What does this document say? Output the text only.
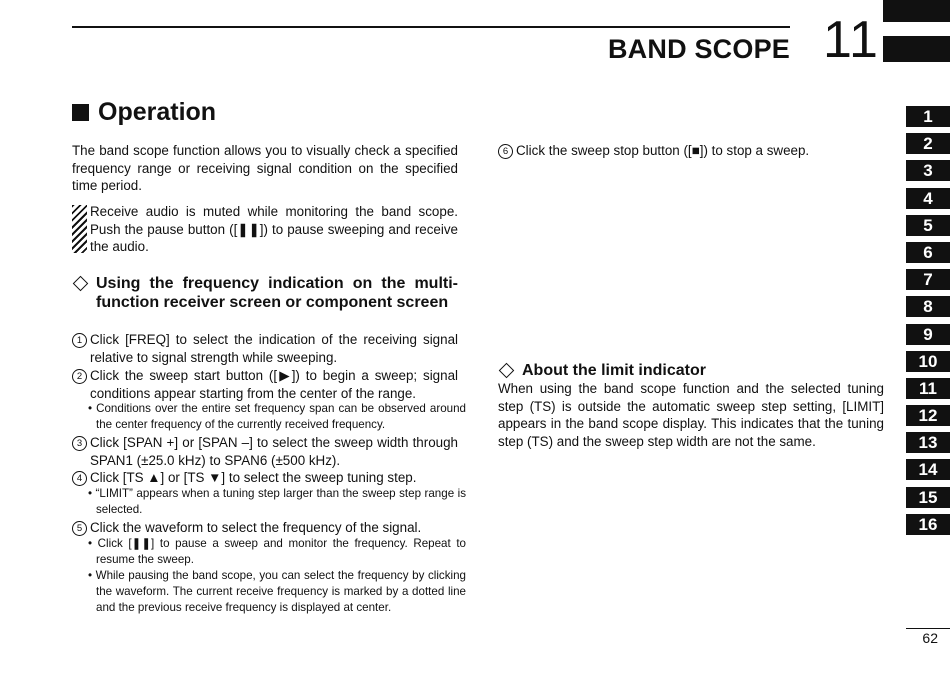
BAND SCOPE 11
1
2
3
4
5
6
7
8
9
10
11
12
13
14
15
16
Operation
The band scope function allows you to visually check a specified frequency range or receiving signal condition on the specified time period.
Receive audio is muted while monitoring the band scope. Push the pause button ([❚❚]) to pause sweeping and receive the audio.
Using the frequency indication on the multi-function receiver screen or component screen
1 Click [FREQ] to select the indication of the receiving signal relative to signal strength while sweeping.
2 Click the sweep start button ([▶]) to begin a sweep; signal conditions appear starting from the center of the range.
• Conditions over the entire set frequency span can be observed around the center frequency of the currently received frequency.
3 Click [SPAN +] or [SPAN –] to select the sweep width through SPAN1 (±25.0 kHz) to SPAN6 (±500 kHz).
4 Click [TS ▲] or [TS ▼] to select the sweep tuning step.
• “LIMIT” appears when a tuning step larger than the sweep step range is selected.
5 Click the waveform to select the frequency of the signal.
• Click [❚❚] to pause a sweep and monitor the frequency. Repeat to resume the sweep.
• While pausing the band scope, you can select the frequency by clicking the waveform. The current receive frequency is marked by a dotted line and the previous receive frequency is displayed at center.
6 Click the sweep stop button ([■]) to stop a sweep.
About the limit indicator
When using the band scope function and the selected tuning step (TS) is outside the automatic sweep step setting, [LIMIT] appears in the band scope display. This indicates that the tuning step (TS) and the sweep step width are not the same.
62
